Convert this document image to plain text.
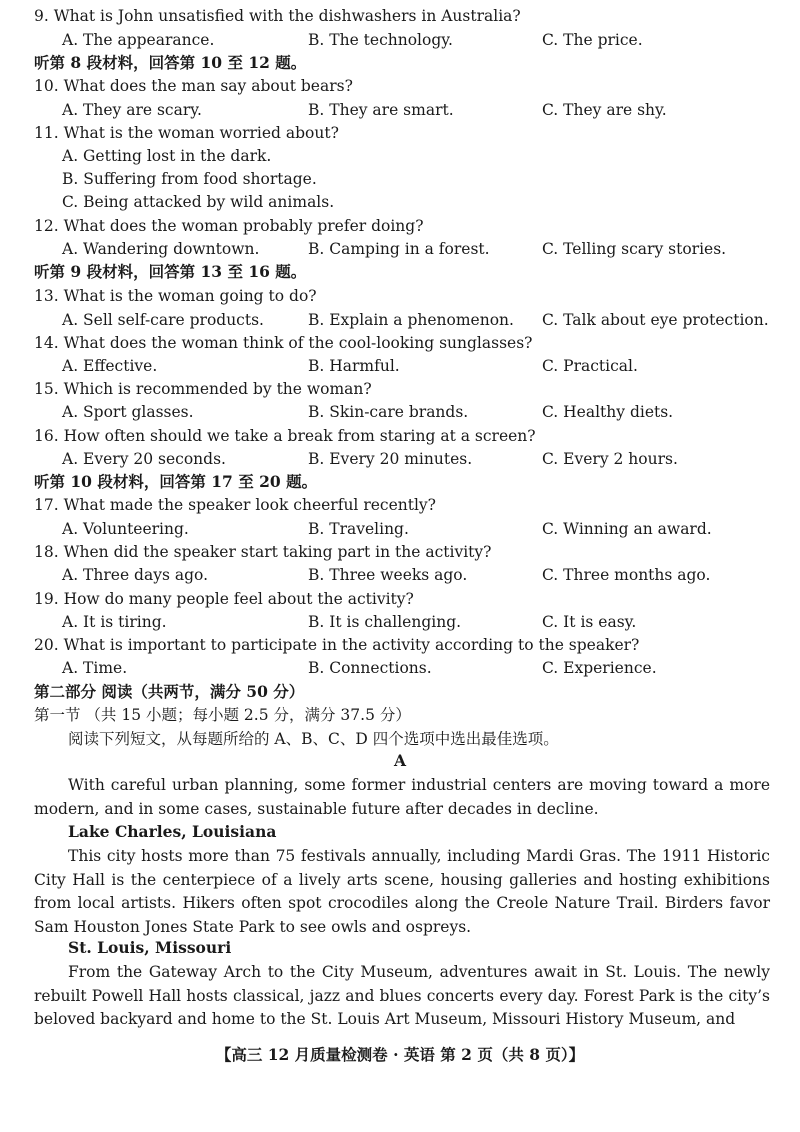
9. What is John unsatisfied with the dishwashers in Australia?
A. The appearance.	B. The technology.	C. The price.
听第 8 段材料，回答第 10 至 12 题。
10. What does the man say about bears?
A. They are scary.	B. They are smart.	C. They are shy.
11. What is the woman worried about?
A. Getting lost in the dark.
B. Suffering from food shortage.
C. Being attacked by wild animals.
12. What does the woman probably prefer doing?
A. Wandering downtown.	B. Camping in a forest.	C. Telling scary stories.
听第 9 段材料，回答第 13 至 16 题。
13. What is the woman going to do?
A. Sell self-care products.	B. Explain a phenomenon. C. Talk about eye protection.
14. What does the woman think of the cool-looking sunglasses?
A. Effective.	B. Harmful.	C. Practical.
15. Which is recommended by the woman?
A. Sport glasses.	B. Skin-care brands.	C. Healthy diets.
16. How often should we take a break from staring at a screen?
A. Every 20 seconds.	B. Every 20 minutes.	C. Every 2 hours.
听第 10 段材料，回答第 17 至 20 题。
17. What made the speaker look cheerful recently?
A. Volunteering.	B. Traveling.	C. Winning an award.
18. When did the speaker start taking part in the activity?
A. Three days ago.	B. Three weeks ago.	C. Three months ago.
19. How do many people feel about the activity?
A. It is tiring.	B. It is challenging.	C. It is easy.
20. What is important to participate in the activity according to the speaker?
A. Time.	B. Connections.	C. Experience.
第二部分 阅读（共两节，满分 50 分）
第一节 （共 15 小题；每小题 2.5 分，满分 37.5 分）
阅读下列短文，从每题所给的 A、B、C、D 四个选项中选出最佳选项。
A
With careful urban planning, some former industrial centers are moving toward a more modern, and in some cases, sustainable future after decades in decline.
Lake Charles, Louisiana
This city hosts more than 75 festivals annually, including Mardi Gras. The 1911 Historic City Hall is the centerpiece of a lively arts scene, housing galleries and hosting exhibitions from local artists. Hikers often spot crocodiles along the Creole Nature Trail. Birders favor Sam Houston Jones State Park to see owls and ospreys.
St. Louis, Missouri
From the Gateway Arch to the City Museum, adventures await in St. Louis. The newly rebuilt Powell Hall hosts classical, jazz and blues concerts every day. Forest Park is the city’s beloved backyard and home to the St. Louis Art Museum, Missouri History Museum, and
【高三 12 月质量检测卷 · 英语 第 2 页（共 8 页）】
